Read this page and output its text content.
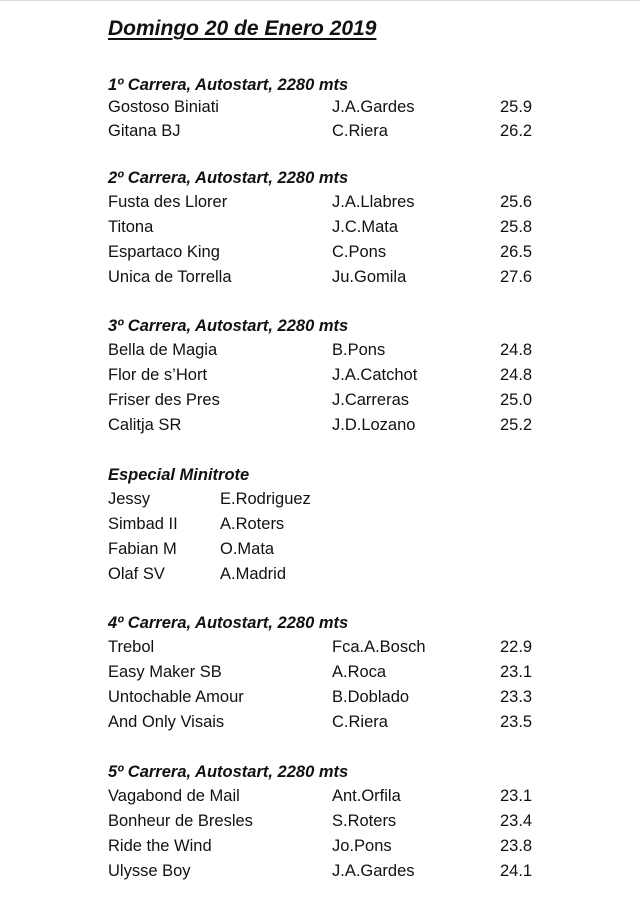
Domingo 20 de Enero 2019
1º Carrera, Autostart, 2280 mts
Gostoso Biniati	J.A.Gardes	25.9
Gitana BJ	C.Riera	26.2
2º Carrera, Autostart, 2280 mts
Fusta des Llorer	J.A.Llabres	25.6
Titona	J.C.Mata	25.8
Espartaco King	C.Pons	26.5
Unica de Torrella	Ju.Gomila	27.6
3º Carrera, Autostart, 2280 mts
Bella de Magia	B.Pons	24.8
Flor de s’Hort	J.A.Catchot	24.8
Friser des Pres	J.Carreras	25.0
Calitja SR	J.D.Lozano	25.2
Especial Minitrote
Jessy	E.Rodriguez
Simbad II	A.Roters
Fabian M	O.Mata
Olaf SV	A.Madrid
4º Carrera, Autostart, 2280 mts
Trebol	Fca.A.Bosch	22.9
Easy Maker SB	A.Roca	23.1
Untochable Amour	B.Doblado	23.3
And Only Visais	C.Riera	23.5
5º Carrera, Autostart, 2280 mts
Vagabond de Mail	Ant.Orfila	23.1
Bonheur de Bresles	S.Roters	23.4
Ride the Wind	Jo.Pons	23.8
Ulysse Boy	J.A.Gardes	24.1
